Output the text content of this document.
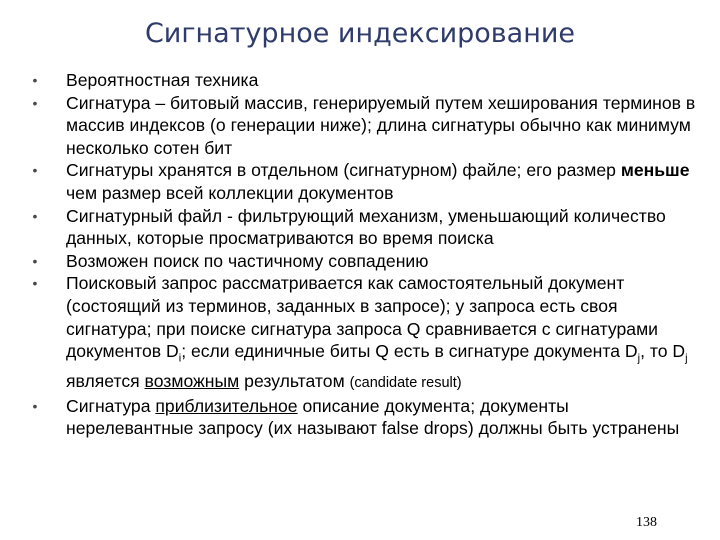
Сигнатурное индексирование
• Вероятностная техника
• Сигнатура – битовый массив, генерируемый путем хеширования терминов в массив индексов (о генерации ниже); длина сигнатуры обычно как минимум несколько сотен бит
• Сигнатуры хранятся в отдельном (сигнатурном) файле; его размер меньше чем размер всей коллекции документов
• Сигнатурный файл - фильтрующий механизм, уменьшающий количество данных, которые просматриваются во время поиска
• Возможен поиск по частичному совпадению
• Поисковый запрос рассматривается как самостоятельный документ (состоящий из терминов, заданных в запросе); у запроса есть своя сигнатура; при поиске сигнатура запроса Q сравнивается с сигнатурами документов $D_i$; если единичные биты Q есть в сигнатуре документа $D_j$, то $D_j$ является возможным результатом (candidate result)
• Сигнатура приблизительное описание документа; документы нерелевантные запросу (их называют false drops) должны быть устранены
138
